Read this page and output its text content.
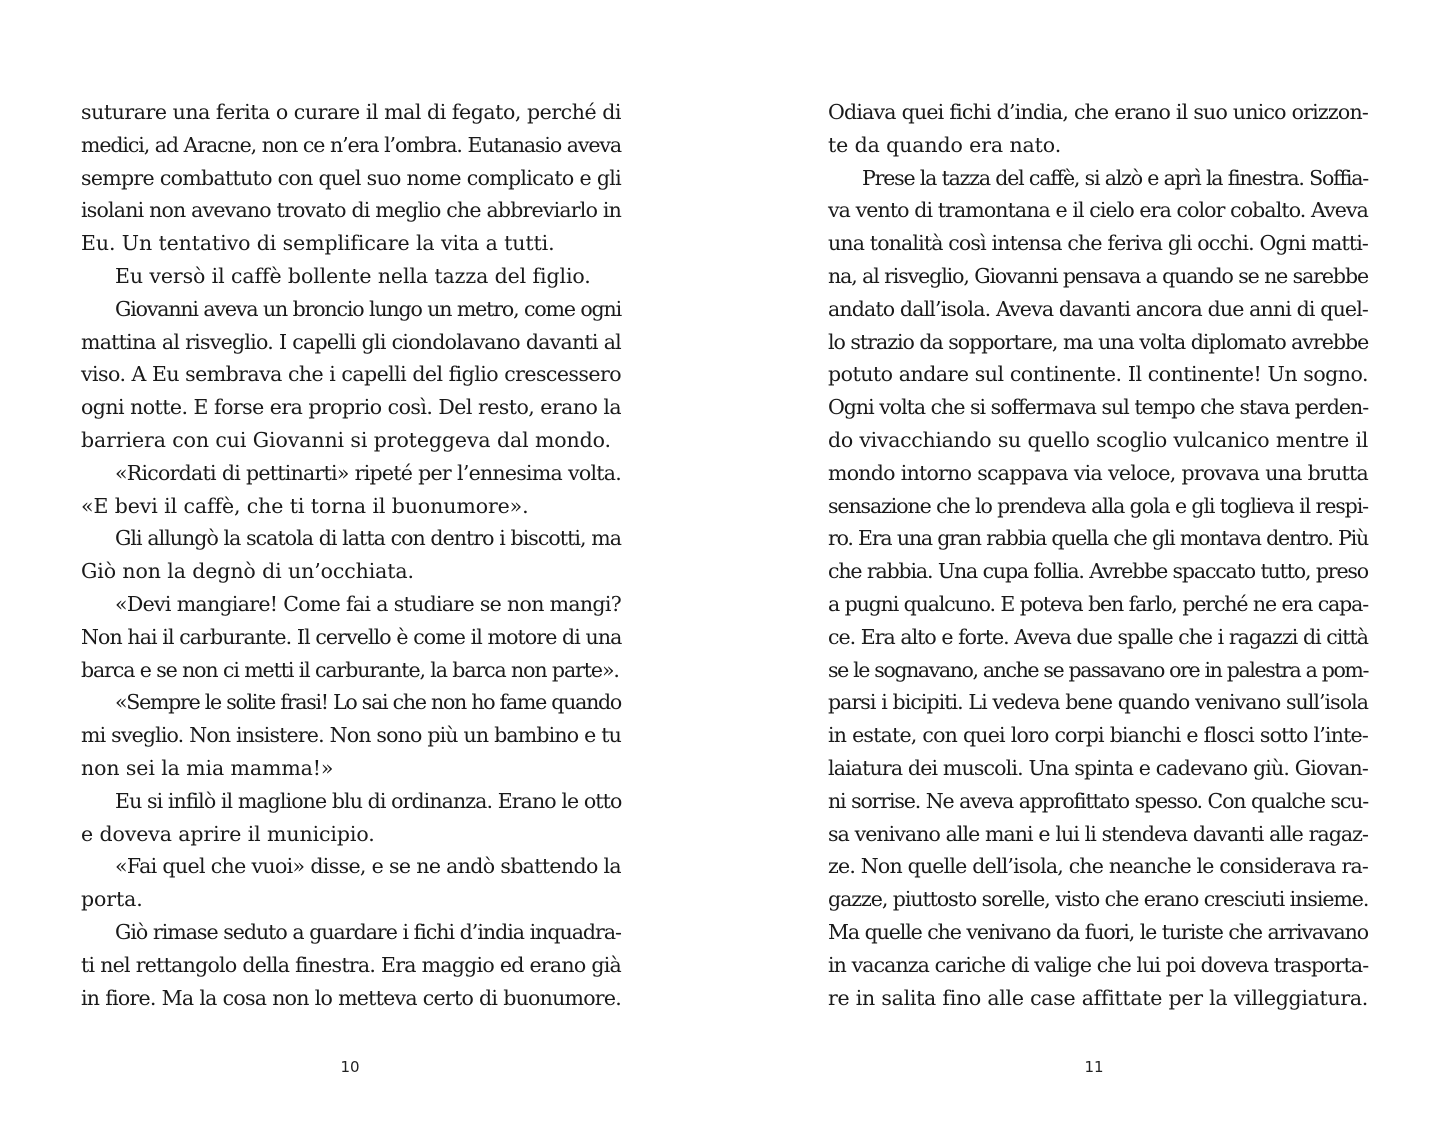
suturare una ferita o curare il mal di fegato, perché di
medici, ad Aracne, non ce n’era l’ombra. Eutanasio aveva
sempre combattuto con quel suo nome complicato e gli
isolani non avevano trovato di meglio che abbreviarlo in
Eu. Un tentativo di semplificare la vita a tutti.
Eu versò il caffè bollente nella tazza del figlio.
Giovanni aveva un broncio lungo un metro, come ogni
mattina al risveglio. I capelli gli ciondolavano davanti al
viso. A Eu sembrava che i capelli del figlio crescessero
ogni notte. E forse era proprio così. Del resto, erano la
barriera con cui Giovanni si proteggeva dal mondo.
«Ricordati di pettinarti» ripeté per l’ennesima volta.
«E bevi il caffè, che ti torna il buonumore».
Gli allungò la scatola di latta con dentro i biscotti, ma
Giò non la degnò di un’occhiata.
«Devi mangiare! Come fai a studiare se non mangi?
Non hai il carburante. Il cervello è come il motore di una
barca e se non ci metti il carburante, la barca non parte».
«Sempre le solite frasi! Lo sai che non ho fame quando
mi sveglio. Non insistere. Non sono più un bambino e tu
non sei la mia mamma!»
Eu si infilò il maglione blu di ordinanza. Erano le otto
e doveva aprire il municipio.
«Fai quel che vuoi» disse, e se ne andò sbattendo la
porta.
Giò rimase seduto a guardare i fichi d’india inquadra-
ti nel rettangolo della finestra. Era maggio ed erano già
in fiore. Ma la cosa non lo metteva certo di buonumore.
10
Odiava quei fichi d’india, che erano il suo unico orizzon-
te da quando era nato.
Prese la tazza del caffè, si alzò e aprì la finestra. Soffia-
va vento di tramontana e il cielo era color cobalto. Aveva
una tonalità così intensa che feriva gli occhi. Ogni matti-
na, al risveglio, Giovanni pensava a quando se ne sarebbe
andato dall’isola. Aveva davanti ancora due anni di quel-
lo strazio da sopportare, ma una volta diplomato avrebbe
potuto andare sul continente. Il continente! Un sogno.
Ogni volta che si soffermava sul tempo che stava perden-
do vivacchiando su quello scoglio vulcanico mentre il
mondo intorno scappava via veloce, provava una brutta
sensazione che lo prendeva alla gola e gli toglieva il respi-
ro. Era una gran rabbia quella che gli montava dentro. Più
che rabbia. Una cupa follia. Avrebbe spaccato tutto, preso
a pugni qualcuno. E poteva ben farlo, perché ne era capa-
ce. Era alto e forte. Aveva due spalle che i ragazzi di città
se le sognavano, anche se passavano ore in palestra a pom-
parsi i bicipiti. Li vedeva bene quando venivano sull’isola
in estate, con quei loro corpi bianchi e flosci sotto l’inte-
laiatura dei muscoli. Una spinta e cadevano giù. Giovan-
ni sorrise. Ne aveva approfittato spesso. Con qualche scu-
sa venivano alle mani e lui li stendeva davanti alle ragaz-
ze. Non quelle dell’isola, che neanche le considerava ra-
gazze, piuttosto sorelle, visto che erano cresciuti insieme.
Ma quelle che venivano da fuori, le turiste che arrivavano
in vacanza cariche di valige che lui poi doveva trasporta-
re in salita fino alle case affittate per la villeggiatura.
11
